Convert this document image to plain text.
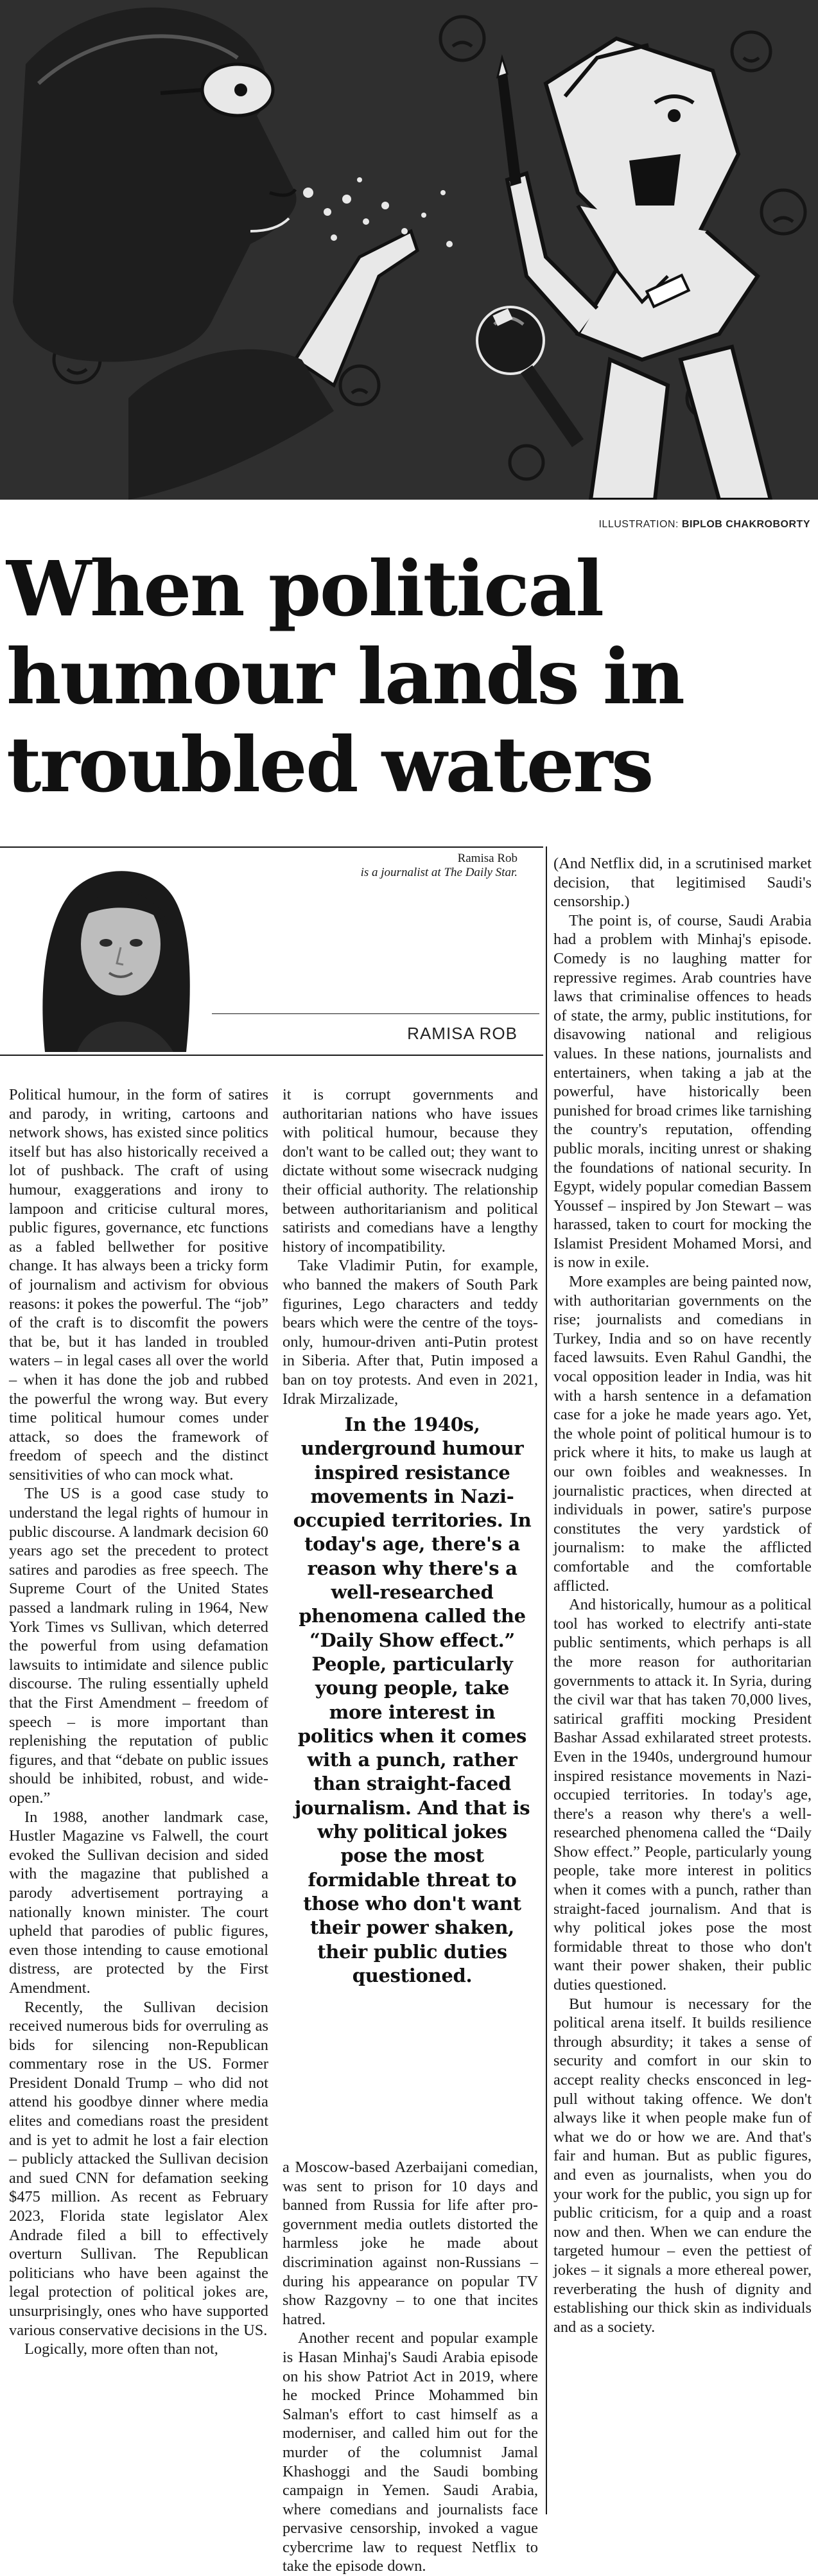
ILLUSTRATION: BIPLOB CHAKROBORTY
When political
humour lands in
troubled waters
Ramisa Rob
is a journalist at The Daily Star.
RAMISA ROB

Political humour, in the form of satires and parody, in writing, cartoons and network shows, has existed since politics itself but has also historically received a lot of pushback. The craft of using humour, exaggerations and irony to lampoon and criticise cultural mores, public figures, governance, etc functions as a fabled bellwether for positive change. It has always been a tricky form of journalism and activism for obvious reasons: it pokes the powerful. The “job” of the craft is to discomfit the powers that be, but it has landed in troubled waters – in legal cases all over the world – when it has done the job and rubbed the powerful the wrong way. But every time political humour comes under attack, so does the framework of freedom of speech and the distinct sensitivities of who can mock what.

The US is a good case study to understand the legal rights of humour in public discourse. A landmark decision 60 years ago set the precedent to protect satires and parodies as free speech. The Supreme Court of the United States passed a landmark ruling in 1964, New York Times vs Sullivan, which deterred the powerful from using defamation lawsuits to intimidate and silence public discourse. The ruling essentially upheld that the First Amendment – freedom of speech – is more important than replenishing the reputation of public figures, and that “debate on public issues should be inhibited, robust, and wide-open.”

In 1988, another landmark case, Hustler Magazine vs Falwell, the court evoked the Sullivan decision and sided with the magazine that published a parody advertisement portraying a nationally known minister. The court upheld that parodies of public figures, even those intending to cause emotional distress, are protected by the First Amendment.

Recently, the Sullivan decision received numerous bids for overruling as bids for silencing non-Republican commentary rose in the US. Former President Donald Trump – who did not attend his goodbye dinner where media elites and comedians roast the president and is yet to admit he lost a fair election – publicly attacked the Sullivan decision and sued CNN for defamation seeking $475 million. As recent as February 2023, Florida state legislator Alex Andrade filed a bill to effectively overturn Sullivan. The Republican politicians who have been against the legal protection of political jokes are, unsurprisingly, ones who have supported various conservative decisions in the US.

Logically, more often than not,

it is corrupt governments and authoritarian nations who have issues with political humour, because they don't want to be called out; they want to dictate without some wisecrack nudging their official authority. The relationship between authoritarianism and political satirists and comedians have a lengthy history of incompatibility.

Take Vladimir Putin, for example, who banned the makers of South Park figurines, Lego characters and teddy bears which were the centre of the toys-only, humour-driven anti-Putin protest in Siberia. After that, Putin imposed a ban on toy protests. And even in 2021, Idrak Mirzalizade,

In the 1940s, underground humour inspired resistance movements in Nazi-occupied territories. In today's age, there's a reason why there's a well-researched phenomena called the “Daily Show effect.” People, particularly young people, take more interest in politics when it comes with a punch, rather than straight-faced journalism. And that is why political jokes pose the most formidable threat to those who don't want their power shaken, their public duties questioned.

a Moscow-based Azerbaijani comedian, was sent to prison for 10 days and banned from Russia for life after pro-government media outlets distorted the harmless joke he made about discrimination against non-Russians – during his appearance on popular TV show Razgovny – to one that incites hatred.

Another recent and popular example is Hasan Minhaj's Saudi Arabia episode on his show Patriot Act in 2019, where he mocked Prince Mohammed bin Salman's effort to cast himself as a moderniser, and called him out for the murder of the columnist Jamal Khashoggi and the Saudi bombing campaign in Yemen. Saudi Arabia, where comedians and journalists face pervasive censorship, invoked a vague cybercrime law to request Netflix to take the episode down.

(And Netflix did, in a scrutinised market decision, that legitimised Saudi's censorship.)

The point is, of course, Saudi Arabia had a problem with Minhaj's episode. Comedy is no laughing matter for repressive regimes. Arab countries have laws that criminalise offences to heads of state, the army, public institutions, for disavowing national and religious values. In these nations, journalists and entertainers, when taking a jab at the powerful, have historically been punished for broad crimes like tarnishing the country's reputation, offending public morals, inciting unrest or shaking the foundations of national security. In Egypt, widely popular comedian Bassem Youssef – inspired by Jon Stewart – was harassed, taken to court for mocking the Islamist President Mohamed Morsi, and is now in exile.

More examples are being painted now, with authoritarian governments on the rise; journalists and comedians in Turkey, India and so on have recently faced lawsuits. Even Rahul Gandhi, the vocal opposition leader in India, was hit with a harsh sentence in a defamation case for a joke he made years ago. Yet, the whole point of political humour is to prick where it hits, to make us laugh at our own foibles and weaknesses. In journalistic practices, when directed at individuals in power, satire's purpose constitutes the very yardstick of journalism: to make the afflicted comfortable and the comfortable afflicted.

And historically, humour as a political tool has worked to electrify anti-state public sentiments, which perhaps is all the more reason for authoritarian governments to attack it. In Syria, during the civil war that has taken 70,000 lives, satirical graffiti mocking President Bashar Assad exhilarated street protests. Even in the 1940s, underground humour inspired resistance movements in Nazi-occupied territories. In today's age, there's a reason why there's a well-researched phenomena called the “Daily Show effect.” People, particularly young people, take more interest in politics when it comes with a punch, rather than straight-faced journalism. And that is why political jokes pose the most formidable threat to those who don't want their power shaken, their public duties questioned.

But humour is necessary for the political arena itself. It builds resilience through absurdity; it takes a sense of security and comfort in our skin to accept reality checks ensconced in leg-pull without taking offence. We don't always like it when people make fun of what we do or how we are. And that's fair and human. But as public figures, and even as journalists, when you do your work for the public, you sign up for public criticism, for a quip and a roast now and then. When we can endure the targeted humour – even the pettiest of jokes – it signals a more ethereal power, reverberating the hush of dignity and establishing our thick skin as individuals and as a society.
